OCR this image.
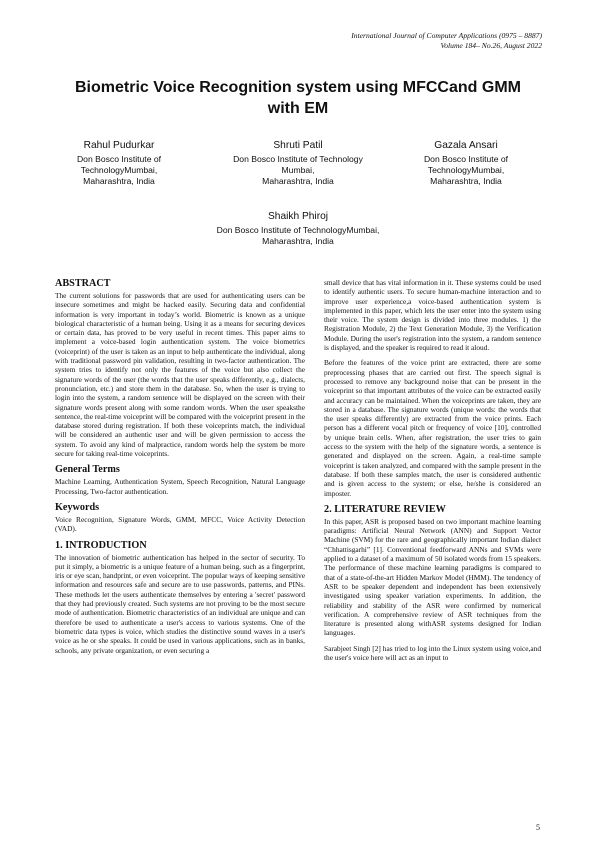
International Journal of Computer Applications (0975 – 8887)
Volume 184– No.26, August 2022
Biometric Voice Recognition system using MFCCand GMM with EM
Rahul Pudurkar
Don Bosco Institute of
TechnologyMumbai,
Maharashtra, India
Shruti Patil
Don Bosco Institute of Technology
Mumbai,
Maharashtra, India
Gazala Ansari
Don Bosco Institute of
TechnologyMumbai,
Maharashtra, India
Shaikh Phiroj
Don Bosco Institute of TechnologyMumbai,
Maharashtra, India
ABSTRACT

The current solutions for passwords that are used for authenticating users can be insecure sometimes and might be hacked easily. Securing data and confidential information is very important in today’s world. Biometric is known as a unique biological characteristic of a human being. Using it as a means for securing devices or certain data, has proved to be very useful in recent times. This paper aims to implement a voice-based login authentication system. The voice biometrics (voiceprint) of the user is taken as an input to help authenticate the individual, along with traditional password pin validation, resulting in two-factor authentication. The system tries to identify not only the features of the voice but also collect the signature words of the user (the words that the user speaks differently, e.g., dialects, pronunciation, etc.) and store them in the database. So, when the user is trying to login into the system, a random sentence will be displayed on the screen with their signature words present along with some random words. When the user speaksthe sentence, the real-time voiceprint will be compared with the voiceprint present in the database stored during registration. If both these voiceprints match, the individual will be considered an authentic user and will be given permission to access the system. To avoid any kind of malpractice, random words help the system be more secure for taking real-time voiceprints.

General Terms

Machine Learning, Authentication System, Speech Recognition, Natural Language Processing, Two-factor authentication.

Keywords

Voice Recognition, Signature Words, GMM, MFCC, Voice Activity Detection (VAD).

1. INTRODUCTION

The innovation of biometric authentication has helped in the sector of security. To put it simply, a biometric is a unique feature of a human being, such as a fingerprint, iris or eye scan, handprint, or even voiceprint. The popular ways of keeping sensitive information and resources safe and secure are to use passwords, patterns, and PINs. These methods let the users authenticate themselves by entering a 'secret' password that they had previously created. Such systems are not proving to be the most secure mode of authentication. Biometric characteristics of an individual are unique and can therefore be used to authenticate a user's access to various systems. One of the biometric data types is voice, which studies the distinctive sound waves in a user's voice as he or she speaks. It could be used in various applications, such as in banks, schools, any private organization, or even securing a

small device that has vital information in it. These systems could be used to identify authentic users. To secure human-machine interaction and to improve user experience,a voice-based authentication system is implemented in this paper, which lets the user enter into the system using their voice. The system design is divided into three modules. 1) the Registration Module, 2) the Text Generation Module, 3) the Verification Module. During the user's registration into the system, a random sentence is displayed, and the speaker is required to read it aloud.

Before the features of the voice print are extracted, there are some preprocessing phases that are carried out first. The speech signal is processed to remove any background noise that can be present in the voiceprint so that important attributes of the voice can be extracted easily and accuracy can be maintained. When the voiceprints are taken, they are stored in a database. The signature words (unique words: the words that the user speaks differently) are extracted from the voice prints. Each person has a different vocal pitch or frequency of voice [10], controlled by unique brain cells. When, after registration, the user tries to gain access to the system with the help of the signature words, a sentence is generated and displayed on the screen. Again, a real-time sample voiceprint is taken analyzed, and compared with the sample present in the database. If both these samples match, the user is considered authentic and is given access to the system; or else, he/she is considered an imposter.

2. LITERATURE REVIEW

In this paper, ASR is proposed based on two important machine learning paradigms: Artificial Neural Network (ANN) and Support Vector Machine (SVM) for the rare and geographically important Indian dialect “Chhattisgarhi” [1]. Conventional feedforward ANNs and SVMs were applied to a dataset of a maximum of 50 isolated words from 15 speakers. The performance of these machine learning paradigms is compared to that of a state-of-the-art Hidden Markov Model (HMM). The tendency of ASR to be speaker dependent and independent has been extensively investigated using speaker variation experiments. In addition, the reliability and stability of the ASR were confirmed by numerical verification. A comprehensive review of ASR techniques from the literature is presented along withASR systems designed for Indian languages.

Sarabjeet Singh [2] has tried to log into the Linux system using voice,and the user's voice here will act as an input to

5
